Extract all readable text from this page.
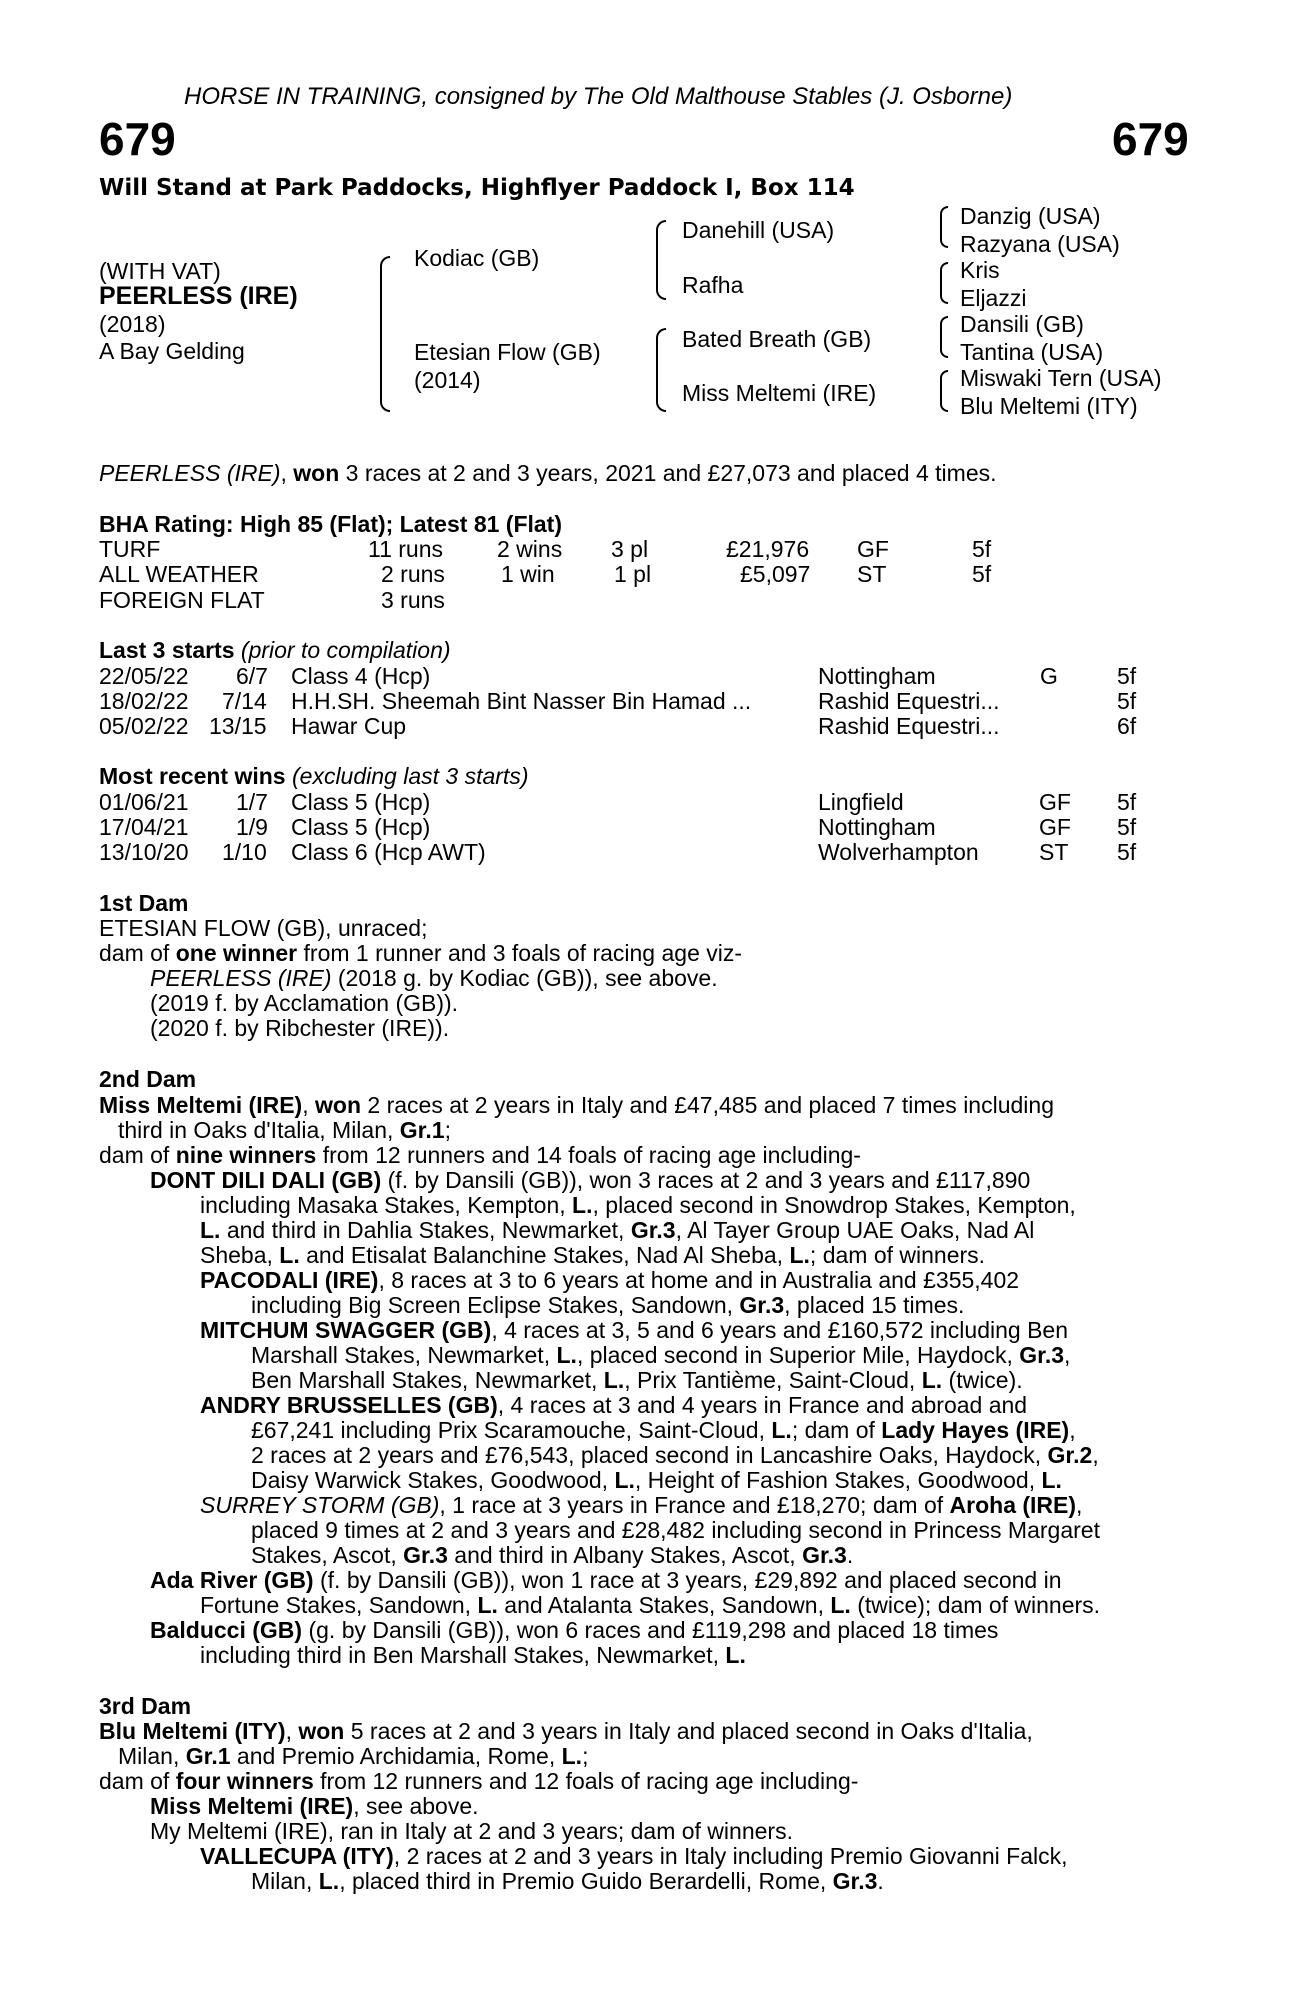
HORSE IN TRAINING, consigned by The Old Malthouse Stables (J. Osborne)
679	679
Will Stand at Park Paddocks, Highflyer Paddock I, Box 114
(WITH VAT)
PEERLESS (IRE)
(2018)
A Bay Gelding
Kodiac (GB)
Etesian Flow (GB)
(2014)
Danehill (USA)
Rafha
Bated Breath (GB)
Miss Meltemi (IRE)
Danzig (USA)
Razyana (USA)
Kris
Eljazzi
Dansili (GB)
Tantina (USA)
Miswaki Tern (USA)
Blu Meltemi (ITY)
PEERLESS (IRE), won 3 races at 2 and 3 years, 2021 and £27,073 and placed 4 times.
BHA Rating: High 85 (Flat); Latest 81 (Flat)
TURF	11 runs 2 wins 3 pl	£21,976 GF	5f
ALL WEATHER	2 runs 1 win	1 pl	£5,097 ST	5f
FOREIGN FLAT	3 runs
Last 3 starts (prior to compilation)
22/05/22 6/7 Class 4 (Hcp)	Nottingham	G	5f
18/02/22 7/14 H.H.SH. Sheemah Bint Nasser Bin Hamad ...	Rashid Equestri...	5f
05/02/22 13/15 Hawar Cup	Rashid Equestri...	6f
Most recent wins (excluding last 3 starts)
01/06/21 1/7 Class 5 (Hcp)	Lingfield	GF 5f
17/04/21 1/9 Class 5 (Hcp)	Nottingham	GF 5f
13/10/20 1/10 Class 6 (Hcp AWT)	Wolverhampton	ST 5f
1st Dam
ETESIAN FLOW (GB), unraced;
dam of one winner from 1 runner and 3 foals of racing age viz-
PEERLESS (IRE) (2018 g. by Kodiac (GB)), see above.
(2019 f. by Acclamation (GB)).
(2020 f. by Ribchester (IRE)).
2nd Dam
Miss Meltemi (IRE), won 2 races at 2 years in Italy and £47,485 and placed 7 times including
third in Oaks d'Italia, Milan, Gr.1;
dam of nine winners from 12 runners and 14 foals of racing age including-
DONT DILI DALI (GB) (f. by Dansili (GB)), won 3 races at 2 and 3 years and £117,890
including Masaka Stakes, Kempton, L., placed second in Snowdrop Stakes, Kempton,
L. and third in Dahlia Stakes, Newmarket, Gr.3, Al Tayer Group UAE Oaks, Nad Al
Sheba, L. and Etisalat Balanchine Stakes, Nad Al Sheba, L.; dam of winners.
PACODALI (IRE), 8 races at 3 to 6 years at home and in Australia and £355,402
including Big Screen Eclipse Stakes, Sandown, Gr.3, placed 15 times.
MITCHUM SWAGGER (GB), 4 races at 3, 5 and 6 years and £160,572 including Ben
Marshall Stakes, Newmarket, L., placed second in Superior Mile, Haydock, Gr.3,
Ben Marshall Stakes, Newmarket, L., Prix Tantième, Saint-Cloud, L. (twice).
ANDRY BRUSSELLES (GB), 4 races at 3 and 4 years in France and abroad and
£67,241 including Prix Scaramouche, Saint-Cloud, L.; dam of Lady Hayes (IRE),
2 races at 2 years and £76,543, placed second in Lancashire Oaks, Haydock, Gr.2,
Daisy Warwick Stakes, Goodwood, L., Height of Fashion Stakes, Goodwood, L.
SURREY STORM (GB), 1 race at 3 years in France and £18,270; dam of Aroha (IRE),
placed 9 times at 2 and 3 years and £28,482 including second in Princess Margaret
Stakes, Ascot, Gr.3 and third in Albany Stakes, Ascot, Gr.3.
Ada River (GB) (f. by Dansili (GB)), won 1 race at 3 years, £29,892 and placed second in
Fortune Stakes, Sandown, L. and Atalanta Stakes, Sandown, L. (twice); dam of winners.
Balducci (GB) (g. by Dansili (GB)), won 6 races and £119,298 and placed 18 times
including third in Ben Marshall Stakes, Newmarket, L.
3rd Dam
Blu Meltemi (ITY), won 5 races at 2 and 3 years in Italy and placed second in Oaks d'Italia,
Milan, Gr.1 and Premio Archidamia, Rome, L.;
dam of four winners from 12 runners and 12 foals of racing age including-
Miss Meltemi (IRE), see above.
My Meltemi (IRE), ran in Italy at 2 and 3 years; dam of winners.
VALLECUPA (ITY), 2 races at 2 and 3 years in Italy including Premio Giovanni Falck,
Milan, L., placed third in Premio Guido Berardelli, Rome, Gr.3.
